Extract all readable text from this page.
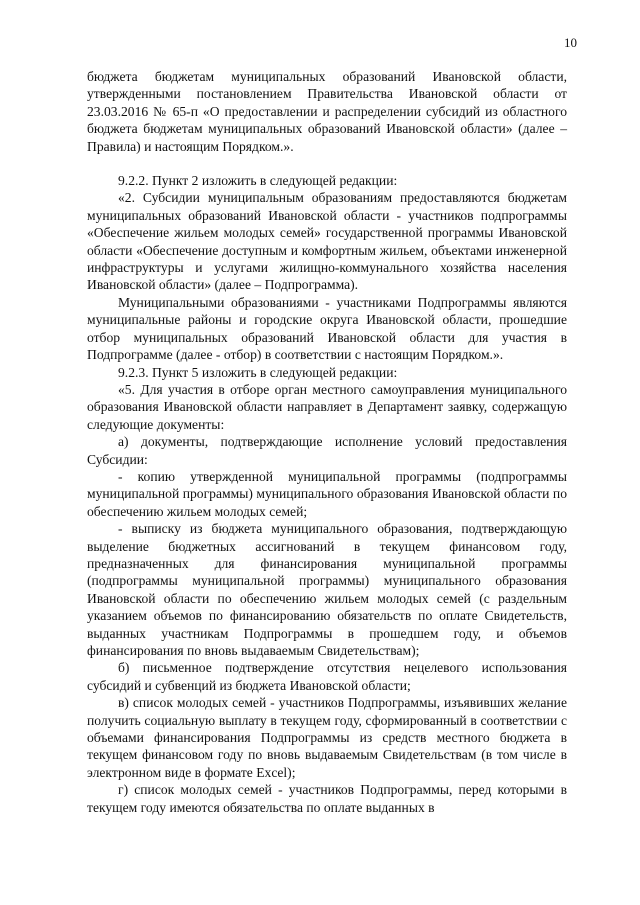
10

бюджета бюджетам муниципальных образований Ивановской области, утвержденными постановлением Правительства Ивановской области от 23.03.2016 № 65-п «О предоставлении и распределении субсидий из областного бюджета бюджетам муниципальных образований Ивановской области» (далее – Правила) и настоящим Порядком.».

9.2.2. Пункт 2 изложить в следующей редакции:

«2. Субсидии муниципальным образованиям предоставляются бюджетам муниципальных образований Ивановской области - участников подпрограммы «Обеспечение жильем молодых семей» государственной программы Ивановской области «Обеспечение доступным и комфортным жильем, объектами инженерной инфраструктуры и услугами жилищно-коммунального хозяйства населения Ивановской области» (далее – Подпрограмма).

Муниципальными образованиями - участниками Подпрограммы являются муниципальные районы и городские округа Ивановской области, прошедшие отбор муниципальных образований Ивановской области для участия в Подпрограмме (далее - отбор) в соответствии с настоящим Порядком.».

9.2.3. Пункт 5 изложить в следующей редакции:

«5. Для участия в отборе орган местного самоуправления муниципального образования Ивановской области направляет в Департамент заявку, содержащую следующие документы:

а) документы, подтверждающие исполнение условий предоставления Субсидии:

- копию утвержденной муниципальной программы (подпрограммы муниципальной программы) муниципального образования Ивановской области по обеспечению жильем молодых семей;

- выписку из бюджета муниципального образования, подтверждающую выделение бюджетных ассигнований в текущем финансовом году, предназначенных для финансирования муниципальной программы (подпрограммы муниципальной программы) муниципального образования Ивановской области по обеспечению жильем молодых семей (с раздельным указанием объемов по финансированию обязательств по оплате Свидетельств, выданных участникам Подпрограммы в прошедшем году, и объемов финансирования по вновь выдаваемым Свидетельствам);

б) письменное подтверждение отсутствия нецелевого использования субсидий и субвенций из бюджета Ивановской области;

в) список молодых семей - участников Подпрограммы, изъявивших желание получить социальную выплату в текущем году, сформированный в соответствии с объемами финансирования Подпрограммы из средств местного бюджета в текущем финансовом году по вновь выдаваемым Свидетельствам (в том числе в электронном виде в формате Excel);

г) список молодых семей - участников Подпрограммы, перед которыми в текущем году имеются обязательства по оплате выданных в
